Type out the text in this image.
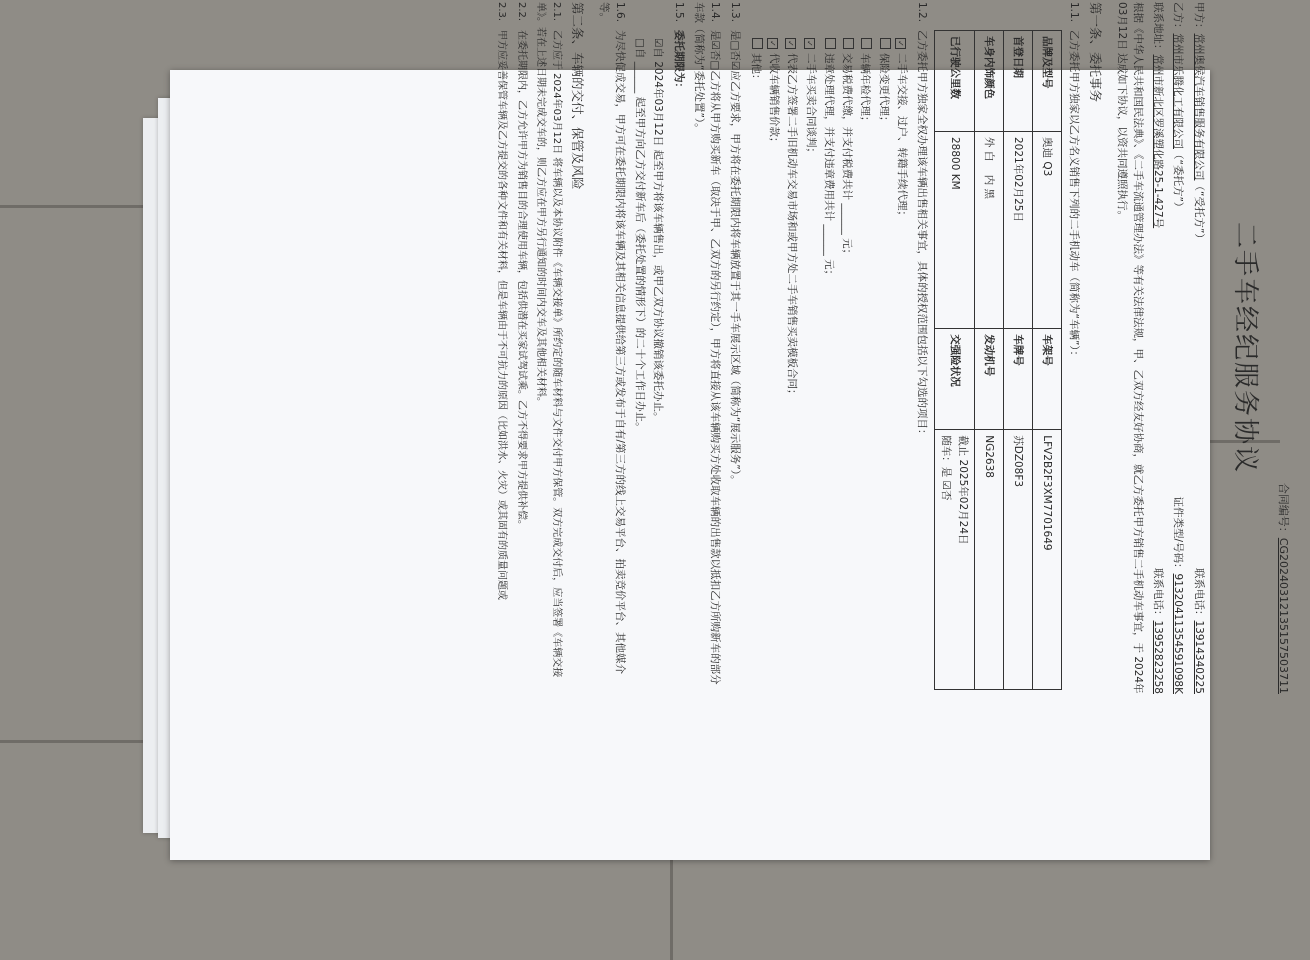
合同编号：CG20240312135157503711
二手车经纪服务协议
甲方：常州奥侯汽车销售服务有限公司（“受托方”）
联系电话：13914340225
乙方：常州市乐腾化工有限公司（“委托方”）
证件类型/号码：91320411354591098K
联系地址：常州市新北区罗溪塑化路25-1-427号
联系电话：13952823258
根据《中华人民共和国民法典》、《二手车流通管理办法》等有关法律法规，甲、乙双方经友好协商，就乙方委托甲方销售二手机动车事宜，于 2024年03月12日 达成如下协议，以资共同遵照执行。
第一条、委托事务
1.1.乙方委托甲方独家以乙方名义销售下列的二手机动车（简称为“车辆”）：
品牌及型号	奥迪 Q3	车架号	LFV2B2F3XM7701649
首登日期	2021年02月25日	车牌号	苏DZ08F3
车身内饰颜色	外 白    内 黑	发动机号	NG2638
已行驶公里数	28800 KM	交强险状况	截止 2025年02月24日
随车：是 ☑否
1.2.乙方委托甲方独家全权办理该车辆出售相关事宜，具体的授权范围包括以下勾选的项目：
✓二手车交接、过户、转籍手续代理；
保险变更代理；
车辆年检代理；
交易税费代缴，并支付税费共计 ______ 元；
违章处理代理，并支付违章费用共计 ______ 元；
✓二手车买卖合同谈判；
✓代表乙方签署二手旧机动车交易市场和或甲方处二手车销售买卖模板合同；
✓代收车辆销售价款；
其他：
1.3.是□否☑应乙方要求，甲方将在委托期限内将车辆放置于其一手车展示区域（简称为“展示服务”）。
1.4.是☑否□乙方将从甲方购买新车（取决于甲、乙双方的另行约定），甲方将直接从该车辆购买方处收取车辆的出售款以抵扣乙方所购新车的部分车款（简称为“委托处置”）。
1.5.委托期限为：
☑自 2024年03月12日 起至甲方将该车辆售出，或甲乙双方协议撤销该委托办止。
□自 ______ 起至甲方向乙方交付新车后（委托处置的情形下）的二十个工作日办止。
1.6.为尽快促成交易，甲方可在委托期限内将该车辆及其相关信息提供给第三方或发布于自有/第三方的线上交易平台、拍卖竞价平台、其他媒介等。
第二条、车辆的交付、保管及风险
2.1.乙方应于 2024年03月12日 将车辆以及本协议附件《车辆交接单》所约定的随车材料与文件交付甲方保管。双方完成交付后，应当签署《车辆交接单》。若在上述日期未完成交车的，则乙方应在甲方另行通知的时间内交车及其他相关材料。
2.2.在委托期限内，乙方允许甲方为销售目的合理使用车辆，包括供潜在买家试驾试乘。乙方不得要求甲方提供补偿。
2.3.甲方应妥善保管车辆及乙方提交的各种文件和有关材料，但是车辆由于不可抗力的原因（比如洪水、火灾）或其固有的质量问题或
